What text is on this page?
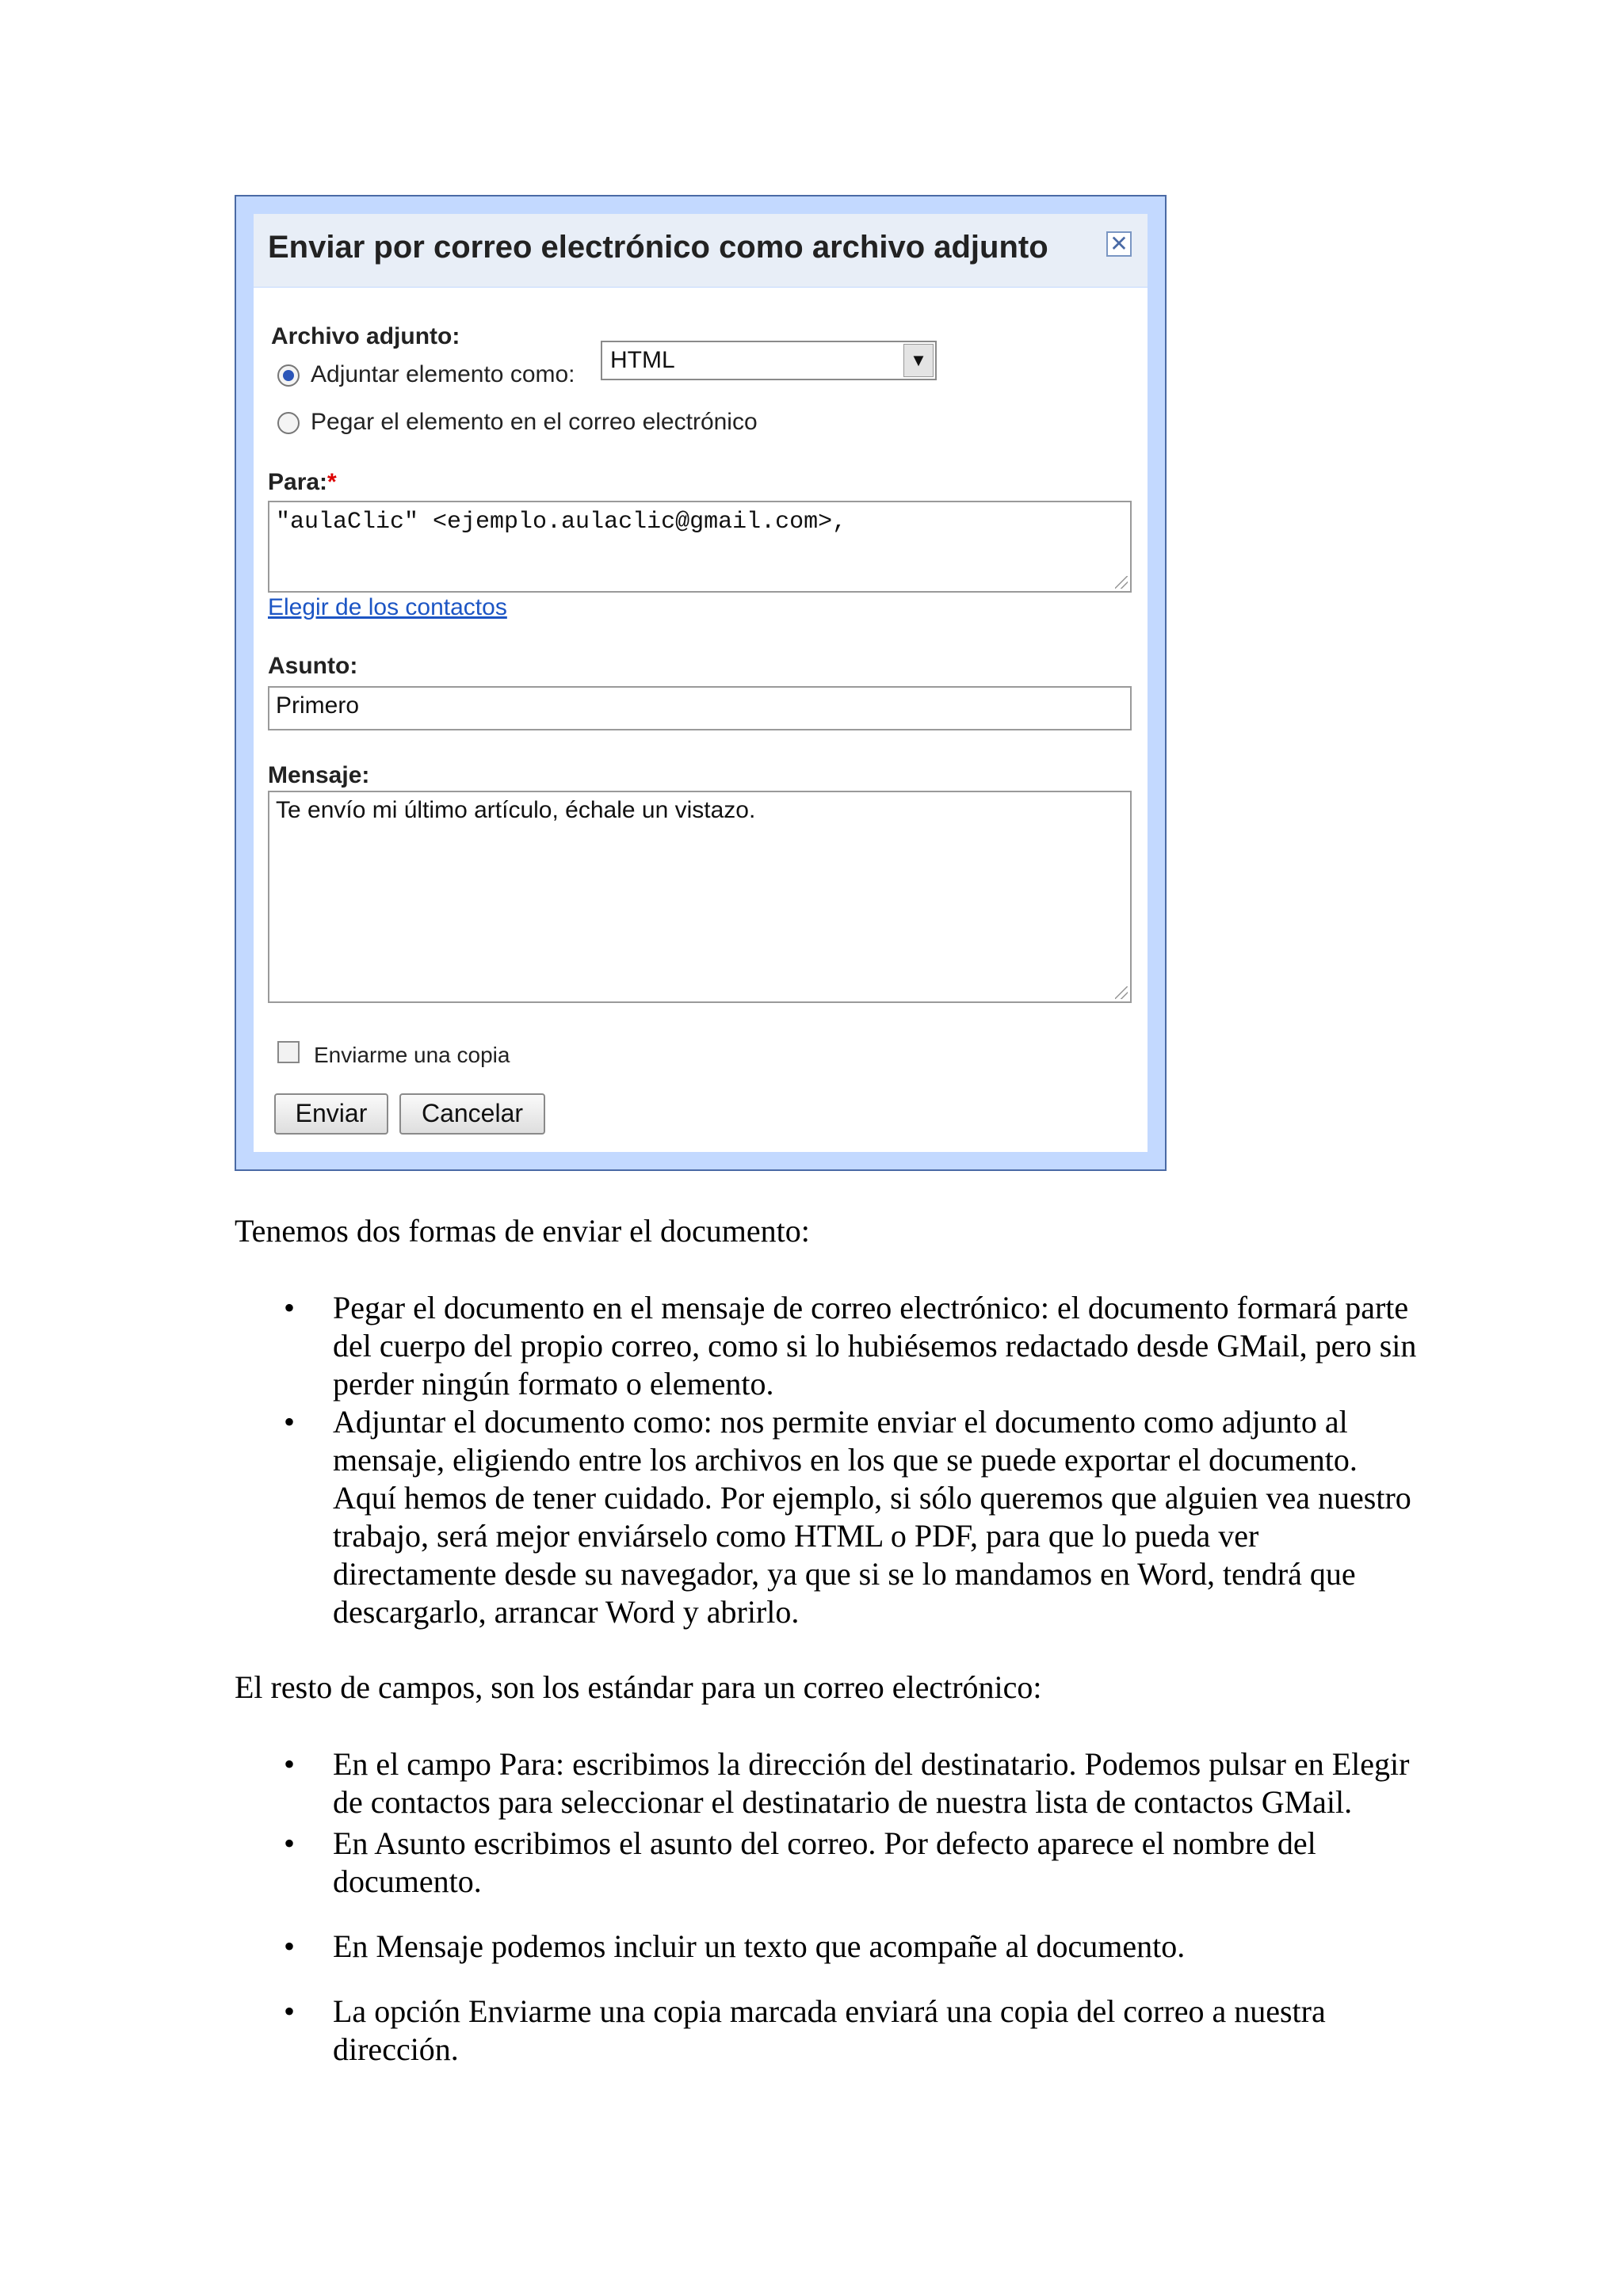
Enviar por correo electrónico como archivo adjunto	✕
Archivo adjunto:
Adjuntar elemento como:
HTML	▼
Pegar el elemento en el correo electrónico
Para:*
"aulaClic" <ejemplo.aulaclic@gmail.com>,
Elegir de los contactos
Asunto:
Primero
Mensaje:
Te envío mi último artículo, échale un vistazo.
Enviarme una copia
Enviar	Cancelar
Tenemos dos formas de enviar el documento:
• Pegar el documento en el mensaje de correo electrónico: el documento formará parte del cuerpo del propio correo, como si lo hubiésemos redactado desde GMail, pero sin perder ningún formato o elemento.
• Adjuntar el documento como: nos permite enviar el documento como adjunto al mensaje, eligiendo entre los archivos en los que se puede exportar el documento. Aquí hemos de tener cuidado. Por ejemplo, si sólo queremos que alguien vea nuestro trabajo, será mejor enviárselo como HTML o PDF, para que lo pueda ver directamente desde su navegador, ya que si se lo mandamos en Word, tendrá que descargarlo, arrancar Word y abrirlo.
El resto de campos, son los estándar para un correo electrónico:
• En el campo Para: escribimos la dirección del destinatario. Podemos pulsar en Elegir de contactos para seleccionar el destinatario de nuestra lista de contactos GMail.
• En Asunto escribimos el asunto del correo. Por defecto aparece el nombre del documento.
• En Mensaje podemos incluir un texto que acompañe al documento.
• La opción Enviarme una copia marcada enviará una copia del correo a nuestra dirección.
